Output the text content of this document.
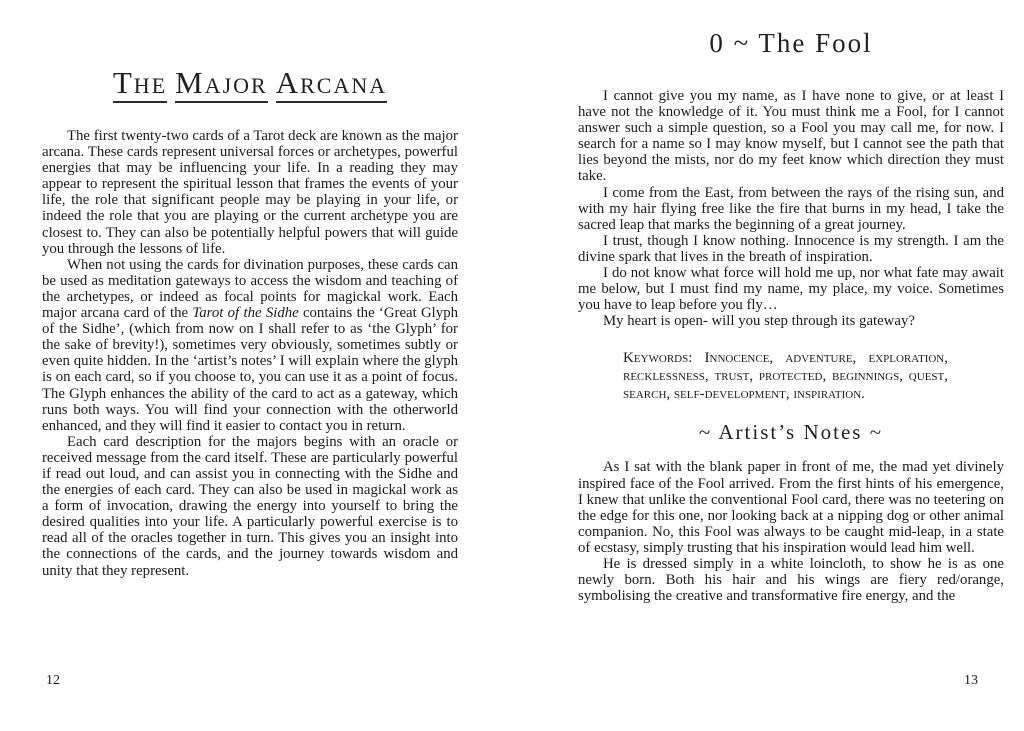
The Major Arcana

The first twenty-two cards of a Tarot deck are known as the major arcana. These cards represent universal forces or archetypes, powerful energies that may be influencing your life. In a reading they may appear to represent the spiritual lesson that frames the events of your life, the role that significant people may be playing in your life, or indeed the role that you are playing or the current archetype you are closest to. They can also be potentially helpful powers that will guide you through the lessons of life.

When not using the cards for divination purposes, these cards can be used as meditation gateways to access the wisdom and teaching of the archetypes, or indeed as focal points for magickal work. Each major arcana card of the Tarot of the Sidhe contains the ‘Great Glyph of the Sidhe’, (which from now on I shall refer to as ‘the Glyph’ for the sake of brevity!), sometimes very obviously, sometimes subtly or even quite hidden. In the ‘artist’s notes’ I will explain where the glyph is on each card, so if you choose to, you can use it as a point of focus. The Glyph enhances the ability of the card to act as a gateway, which runs both ways. You will find your connection with the otherworld enhanced, and they will find it easier to contact you in return.

Each card description for the majors begins with an oracle or received message from the card itself. These are particularly powerful if read out loud, and can assist you in connecting with the Sidhe and the energies of each card. They can also be used in magickal work as a form of invocation, drawing the energy into yourself to bring the desired qualities into your life. A particularly powerful exercise is to read all of the oracles together in turn. This gives you an insight into the connections of the cards, and the journey towards wisdom and unity that they represent.

12
0 ~ The Fool

I cannot give you my name, as I have none to give, or at least I have not the knowledge of it. You must think me a Fool, for I cannot answer such a simple question, so a Fool you may call me, for now. I search for a name so I may know myself, but I cannot see the path that lies beyond the mists, nor do my feet know which direction they must take.

I come from the East, from between the rays of the rising sun, and with my hair flying free like the fire that burns in my head, I take the sacred leap that marks the beginning of a great journey.

I trust, though I know nothing. Innocence is my strength. I am the divine spark that lives in the breath of inspiration.

I do not know what force will hold me up, nor what fate may await me below, but I must find my name, my place, my voice. Sometimes you have to leap before you fly…

My heart is open- will you step through its gateway?

Keywords: Innocence, adventure, exploration, recklessness, trust, protected, beginnings, quest, search, self-development, inspiration.

~ Artist’s Notes ~

As I sat with the blank paper in front of me, the mad yet divinely inspired face of the Fool arrived. From the first hints of his emergence, I knew that unlike the conventional Fool card, there was no teetering on the edge for this one, nor looking back at a nipping dog or other animal companion. No, this Fool was always to be caught mid-leap, in a state of ecstasy, simply trusting that his inspiration would lead him well.

He is dressed simply in a white loincloth, to show he is as one newly born. Both his hair and his wings are fiery red/orange, symbolising the creative and transformative fire energy, and the

13
